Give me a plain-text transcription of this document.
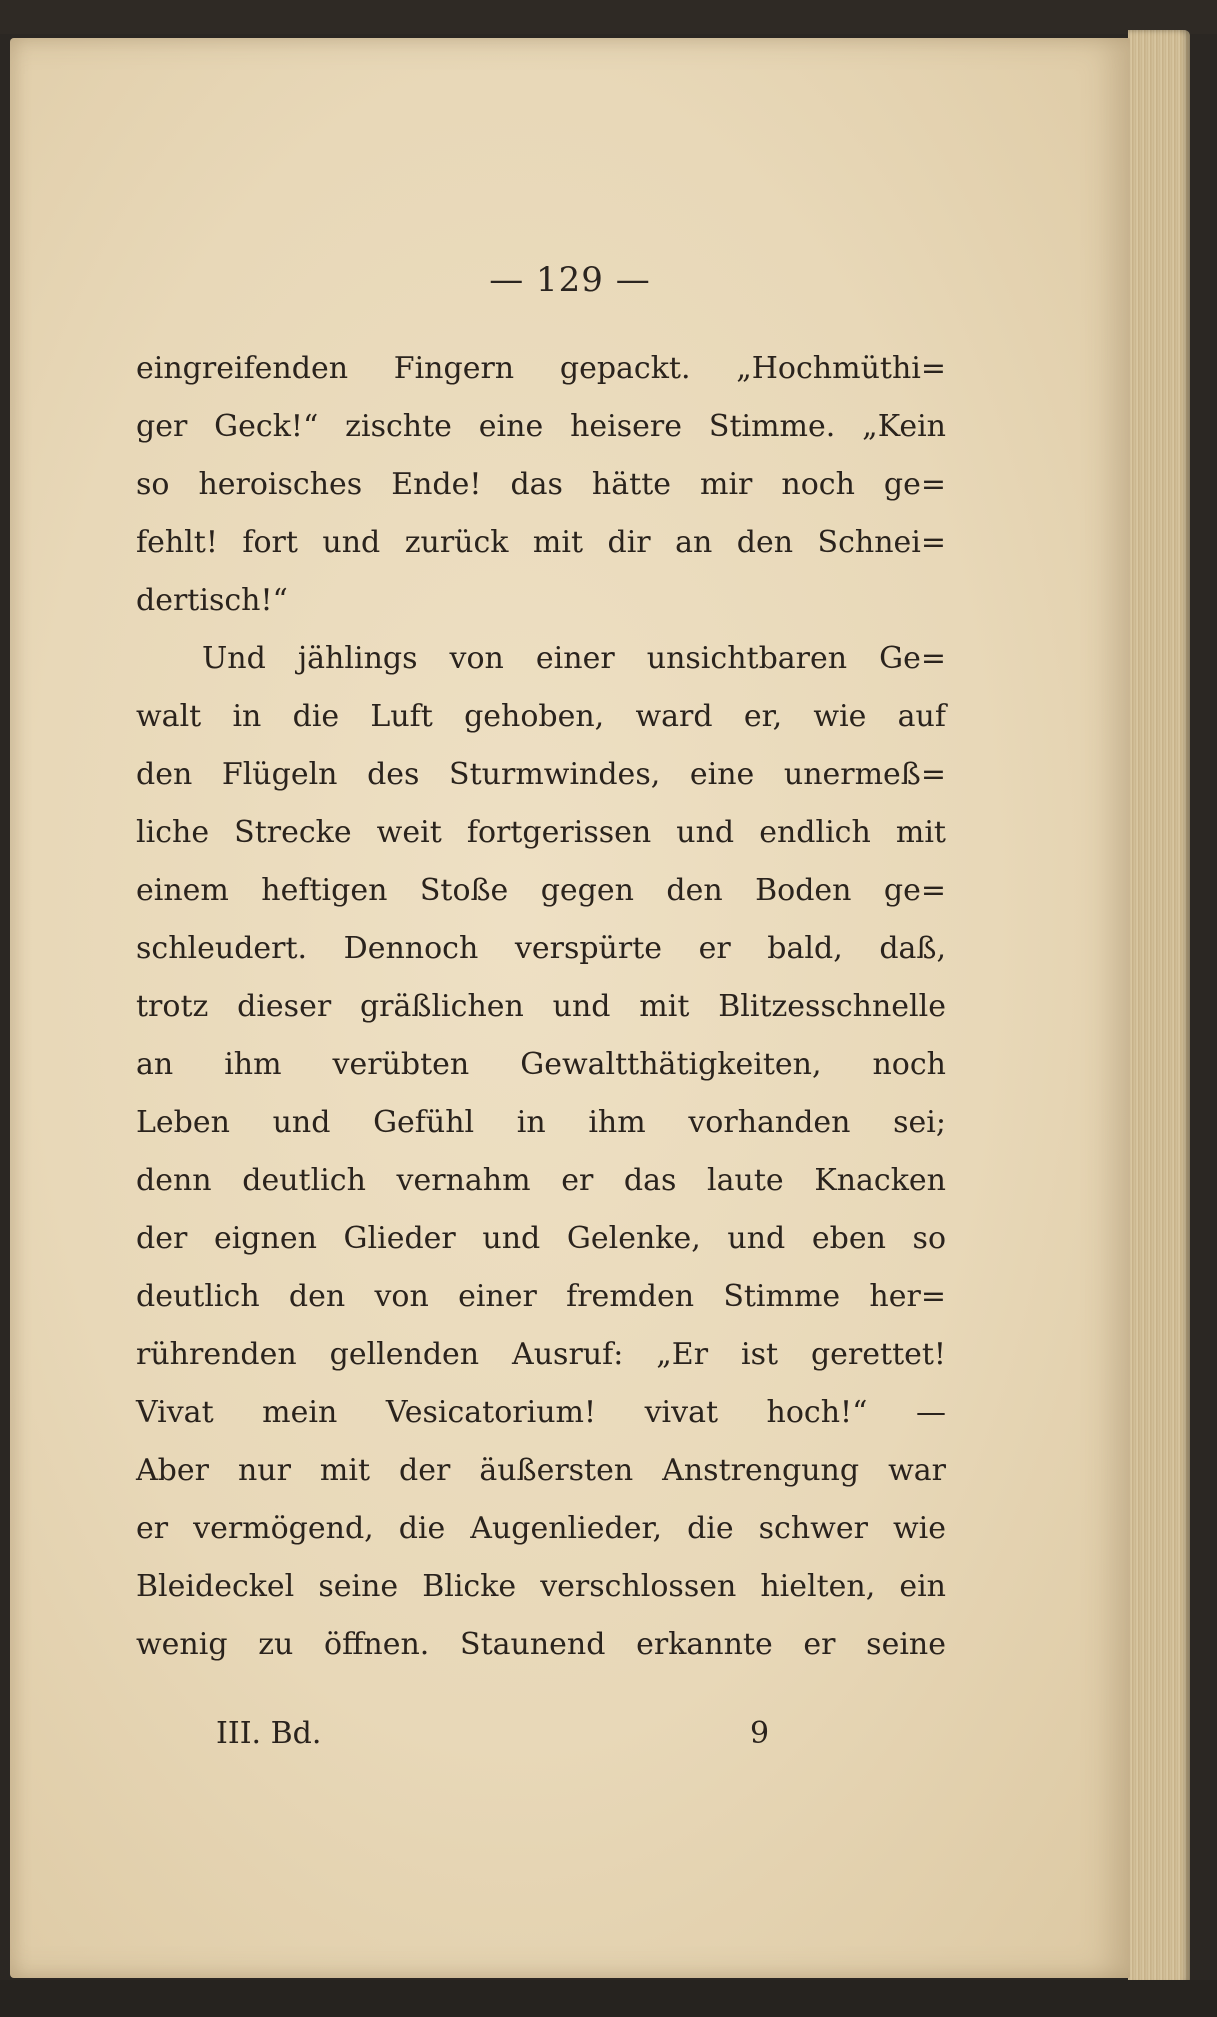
— 129 —
eingreifenden Fingern gepackt. „Hochmüthi=
ger Geck!“ zischte eine heisere Stimme. „Kein
so heroisches Ende! das hätte mir noch ge=
fehlt! fort und zurück mit dir an den Schnei=
dertisch!“
Und jählings von einer unsichtbaren Ge=
walt in die Luft gehoben, ward er, wie auf
den Flügeln des Sturmwindes, eine unermeß=
liche Strecke weit fortgerissen und endlich mit
einem heftigen Stoße gegen den Boden ge=
schleudert. Dennoch verspürte er bald, daß,
trotz dieser gräßlichen und mit Blitzesschnelle
an ihm verübten Gewaltthätigkeiten, noch
Leben und Gefühl in ihm vorhanden sei;
denn deutlich vernahm er das laute Knacken
der eignen Glieder und Gelenke, und eben so
deutlich den von einer fremden Stimme her=
rührenden gellenden Ausruf: „Er ist gerettet!
Vivat mein Vesicatorium! vivat hoch!“ —
Aber nur mit der äußersten Anstrengung war
er vermögend, die Augenlieder, die schwer wie
Bleideckel seine Blicke verschlossen hielten, ein
wenig zu öffnen. Staunend erkannte er seine
III. Bd.	9
